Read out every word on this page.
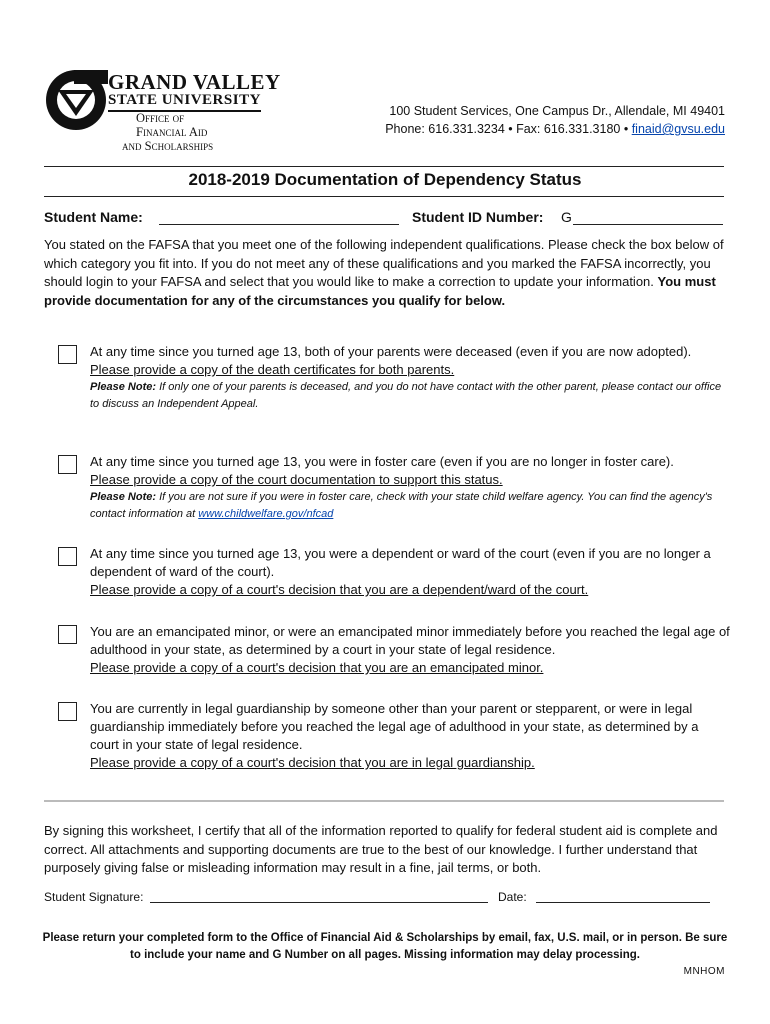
GRAND VALLEY
STATE UNIVERSITY
Office of
Financial Aid
and Scholarships
100 Student Services, One Campus Dr., Allendale, MI 49401
Phone: 616.331.3234 • Fax: 616.331.3180 • finaid@gvsu.edu
2018-2019 Documentation of Dependency Status
Student Name:	Student ID Number: G
You stated on the FAFSA that you meet one of the following independent qualifications. Please check the box below of which category you fit into. If you do not meet any of these qualifications and you marked the FAFSA incorrectly, you should login to your FAFSA and select that you would like to make a correction to update your information. You must provide documentation for any of the circumstances you qualify for below.
At any time since you turned age 13, both of your parents were deceased (even if you are now adopted).
Please provide a copy of the death certificates for both parents.
Please Note: If only one of your parents is deceased, and you do not have contact with the other parent, please contact our office to discuss an Independent Appeal.
At any time since you turned age 13, you were in foster care (even if you are no longer in foster care).
Please provide a copy of the court documentation to support this status.
Please Note: If you are not sure if you were in foster care, check with your state child welfare agency. You can find the agency's contact information at www.childwelfare.gov/nfcad
At any time since you turned age 13, you were a dependent or ward of the court (even if you are no longer a dependent of ward of the court).
Please provide a copy of a court's decision that you are a dependent/ward of the court.
You are an emancipated minor, or were an emancipated minor immediately before you reached the legal age of adulthood in your state, as determined by a court in your state of legal residence.
Please provide a copy of a court's decision that you are an emancipated minor.
You are currently in legal guardianship by someone other than your parent or stepparent, or were in legal guardianship immediately before you reached the legal age of adulthood in your state, as determined by a court in your state of legal residence.
Please provide a copy of a court's decision that you are in legal guardianship.
By signing this worksheet, I certify that all of the information reported to qualify for federal student aid is complete and correct. All attachments and supporting documents are true to the best of our knowledge. I further understand that purposely giving false or misleading information may result in a fine, jail terms, or both.
Student Signature:	Date:
Please return your completed form to the Office of Financial Aid & Scholarships by email, fax, U.S. mail, or in person. Be sure to include your name and G Number on all pages. Missing information may delay processing.
MNHOM
